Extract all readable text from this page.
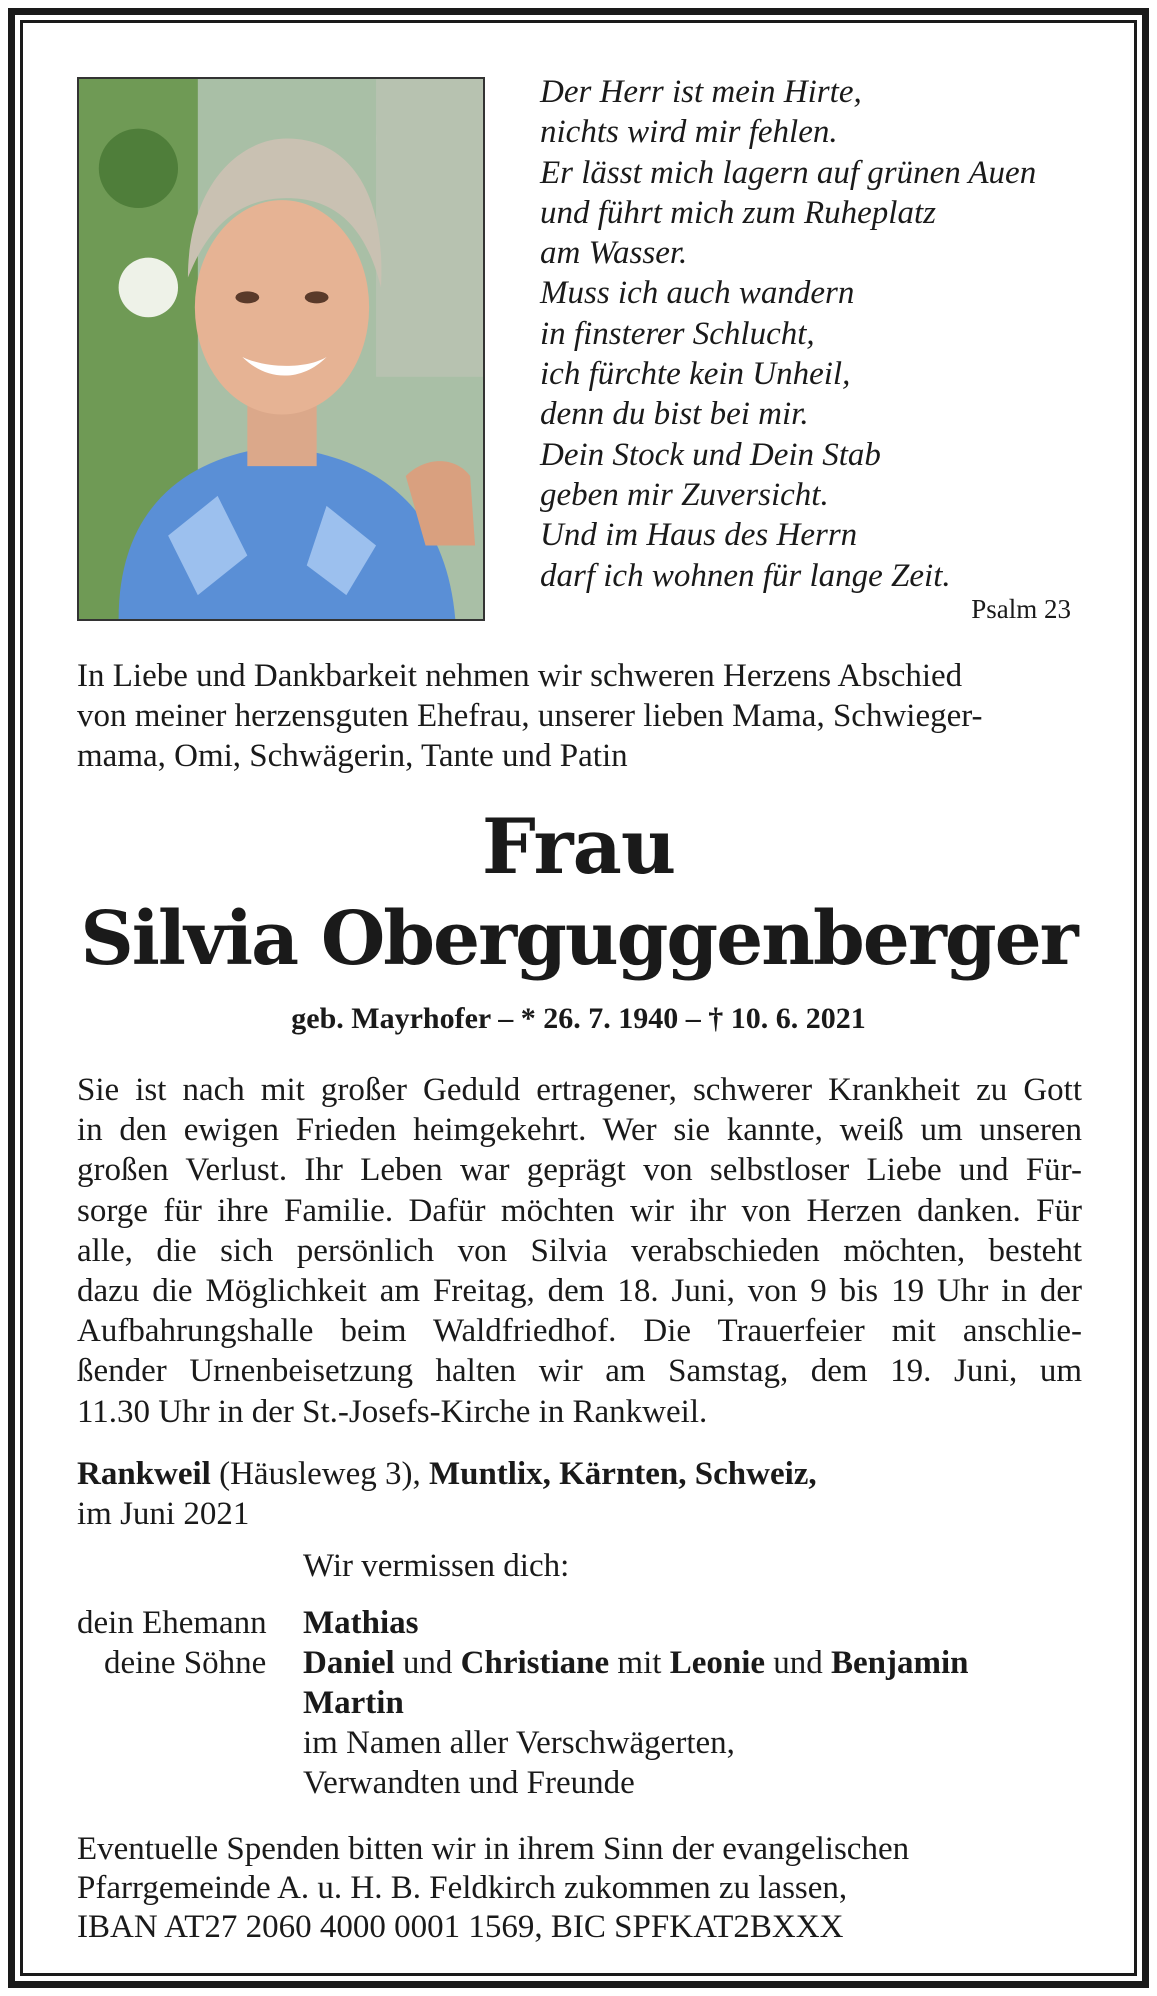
Der Herr ist mein Hirte,
nichts wird mir fehlen.
Er lässt mich lagern auf grünen Auen
und führt mich zum Ruheplatz
am Wasser.
Muss ich auch wandern
in finsterer Schlucht,
ich fürchte kein Unheil,
denn du bist bei mir.
Dein Stock und Dein Stab
geben mir Zuversicht.
Und im Haus des Herrn
darf ich wohnen für lange Zeit.
Psalm 23
In Liebe und Dankbarkeit nehmen wir schweren Herzens Abschied
von meiner herzensguten Ehefrau, unserer lieben Mama, Schwieger-
mama, Omi, Schwägerin, Tante und Patin
Frau
Silvia Oberguggenberger
geb. Mayrhofer – * 26. 7. 1940 – † 10. 6. 2021
Sie ist nach mit großer Geduld ertragener, schwerer Krankheit zu Gott
in den ewigen Frieden heimgekehrt. Wer sie kannte, weiß um unseren
großen Verlust. Ihr Leben war geprägt von selbstloser Liebe und Für-
sorge für ihre Familie. Dafür möchten wir ihr von Herzen danken. Für
alle, die sich persönlich von Silvia verabschieden möchten, besteht
dazu die Möglichkeit am Freitag, dem 18. Juni, von 9 bis 19 Uhr in der
Aufbahrungshalle beim Waldfriedhof. Die Trauerfeier mit anschlie-
ßender Urnenbeisetzung halten wir am Samstag, dem 19. Juni, um
11.30 Uhr in der St.-Josefs-Kirche in Rankweil.
Rankweil (Häusleweg 3), Muntlix, Kärnten, Schweiz,
im Juni 2021
Wir vermissen dich:
dein Ehemann Mathias
deine Söhne Daniel und Christiane mit Leonie und Benjamin
Martin
im Namen aller Verschwägerten,
Verwandten und Freunde
Eventuelle Spenden bitten wir in ihrem Sinn der evangelischen
Pfarrgemeinde A. u. H. B. Feldkirch zukommen zu lassen,
IBAN AT27 2060 4000 0001 1569, BIC SPFKAT2BXXX
